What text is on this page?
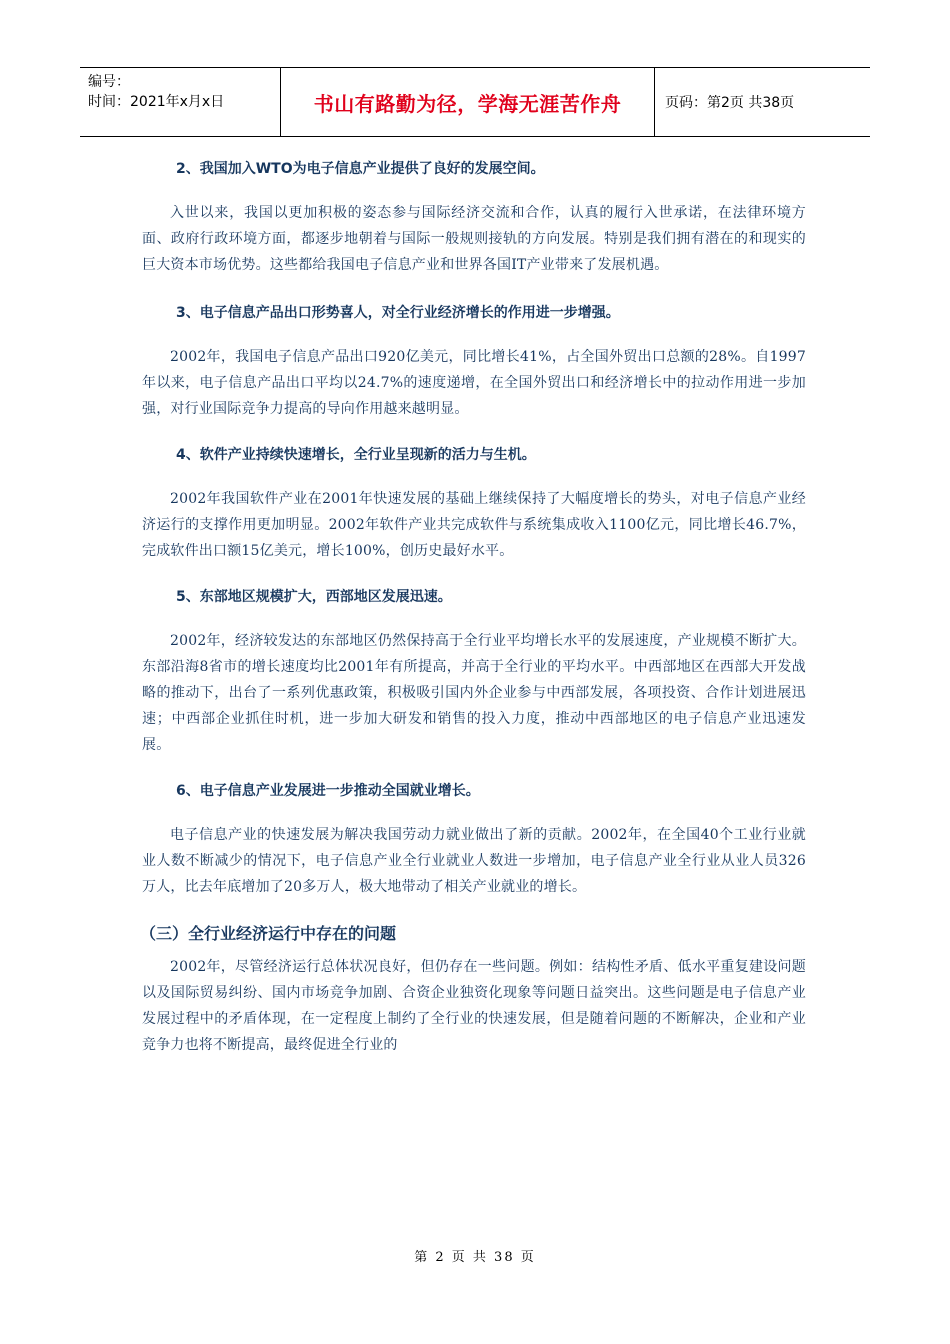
编号：
时间：2021年x月x日	书山有路勤为径，学海无涯苦作舟	页码：第2页 共38页
2、我国加入WTO为电子信息产业提供了良好的发展空间。

入世以来，我国以更加积极的姿态参与国际经济交流和合作，认真的履行入世承诺，在法律环境方面、政府行政环境方面，都逐步地朝着与国际一般规则接轨的方向发展。特别是我们拥有潜在的和现实的巨大资本市场优势。这些都给我国电子信息产业和世界各国IT产业带来了发展机遇。

3、电子信息产品出口形势喜人，对全行业经济增长的作用进一步增强。

2002年，我国电子信息产品出口920亿美元，同比增长41%，占全国外贸出口总额的28%。自1997年以来，电子信息产品出口平均以24.7%的速度递增，在全国外贸出口和经济增长中的拉动作用进一步加强，对行业国际竞争力提高的导向作用越来越明显。

4、软件产业持续快速增长，全行业呈现新的活力与生机。

2002年我国软件产业在2001年快速发展的基础上继续保持了大幅度增长的势头，对电子信息产业经济运行的支撑作用更加明显。2002年软件产业共完成软件与系统集成收入1100亿元，同比增长46.7%，完成软件出口额15亿美元，增长100%，创历史最好水平。

5、东部地区规模扩大，西部地区发展迅速。

2002年，经济较发达的东部地区仍然保持高于全行业平均增长水平的发展速度，产业规模不断扩大。东部沿海8省市的增长速度均比2001年有所提高，并高于全行业的平均水平。中西部地区在西部大开发战略的推动下，出台了一系列优惠政策，积极吸引国内外企业参与中西部发展，各项投资、合作计划进展迅速；中西部企业抓住时机，进一步加大研发和销售的投入力度，推动中西部地区的电子信息产业迅速发展。

6、电子信息产业发展进一步推动全国就业增长。

电子信息产业的快速发展为解决我国劳动力就业做出了新的贡献。2002年，在全国40个工业行业就业人数不断减少的情况下，电子信息产业全行业就业人数进一步增加，电子信息产业全行业从业人员326万人，比去年底增加了20多万人，极大地带动了相关产业就业的增长。

（三）全行业经济运行中存在的问题

2002年，尽管经济运行总体状况良好，但仍存在一些问题。例如：结构性矛盾、低水平重复建设问题以及国际贸易纠纷、国内市场竞争加剧、合资企业独资化现象等问题日益突出。这些问题是电子信息产业发展过程中的矛盾体现，在一定程度上制约了全行业的快速发展，但是随着问题的不断解决，企业和产业竞争力也将不断提高，最终促进全行业的

第 2 页 共 38 页
